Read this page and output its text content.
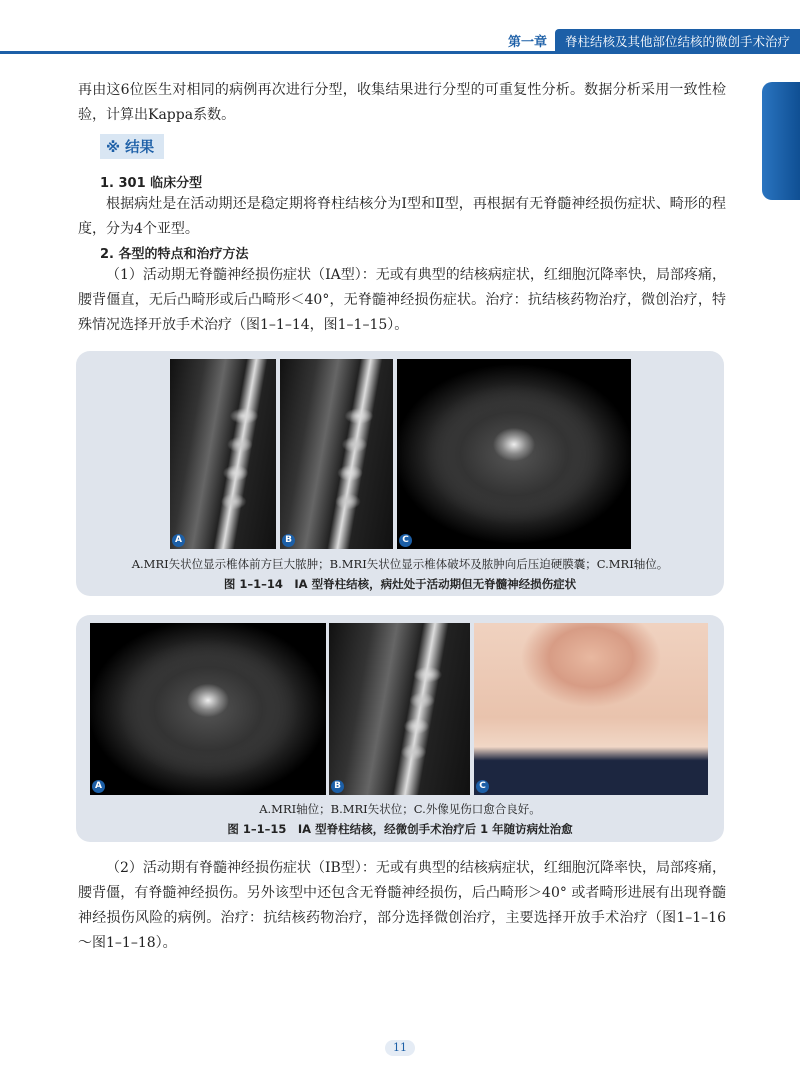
第一章	脊柱结核及其他部位结核的微创手术治疗

再由这6位医生对相同的病例再次进行分型，收集结果进行分型的可重复性分析。数据分析采用一致性检验，计算出Kappa系数。

※ 结果
1. 301 临床分型

根据病灶是在活动期还是稳定期将脊柱结核分为Ⅰ型和Ⅱ型，再根据有无脊髓神经损伤症状、畸形的程度，分为4个亚型。

2. 各型的特点和治疗方法

（1）活动期无脊髓神经损伤症状（ⅠA型）：无或有典型的结核病症状，红细胞沉降率快，局部疼痛，腰背僵直，无后凸畸形或后凸畸形＜40°，无脊髓神经损伤症状。治疗：抗结核药物治疗，微创治疗，特殊情况选择开放手术治疗（图1–1–14，图1–1–15）。

A	B	C
A.MRI矢状位显示椎体前方巨大脓肿；B.MRI矢状位显示椎体破坏及脓肿向后压迫硬膜囊；C.MRI轴位。
图 1–1–14　ⅠA 型脊柱结核，病灶处于活动期但无脊髓神经损伤症状
A	B	C
A.MRI轴位；B.MRI矢状位；C.外像见伤口愈合良好。
图 1–1–15　ⅠA 型脊柱结核，经微创手术治疗后 1 年随访病灶治愈

（2）活动期有脊髓神经损伤症状（ⅠB型）：无或有典型的结核病症状，红细胞沉降率快，局部疼痛，腰背僵，有脊髓神经损伤。另外该型中还包含无脊髓神经损伤，后凸畸形＞40° 或者畸形进展有出现脊髓神经损伤风险的病例。治疗：抗结核药物治疗，部分选择微创治疗，主要选择开放手术治疗（图1–1–16～图1–1–18）。

11
